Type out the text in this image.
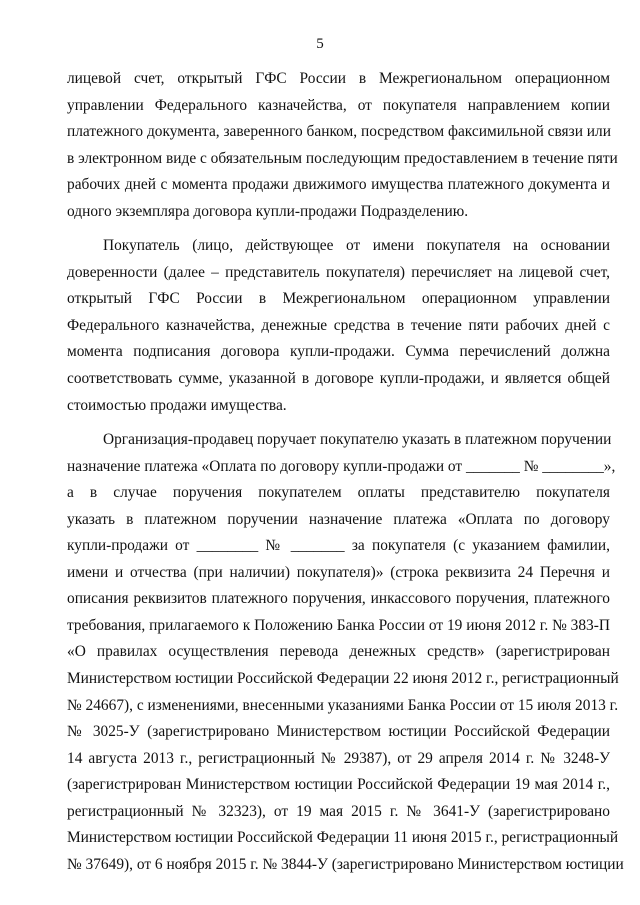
5
лицевой счет, открытый ГФС России в Межрегиональном операционном
управлении Федерального казначейства, от покупателя направлением копии
платежного документа, заверенного банком, посредством факсимильной связи или
в электронном виде с обязательным последующим предоставлением в течение пяти
рабочих дней с момента продажи движимого имущества платежного документа и
одного экземпляра договора купли-продажи Подразделению.
Покупатель (лицо, действующее от имени покупателя на основании
доверенности (далее – представитель покупателя) перечисляет на лицевой счет,
открытый ГФС России в Межрегиональном операционном управлении
Федерального казначейства, денежные средства в течение пяти рабочих дней с
момента подписания договора купли-продажи. Сумма перечислений должна
соответствовать сумме, указанной в договоре купли-продажи, и является общей
стоимостью продажи имущества.
Организация-продавец поручает покупателю указать в платежном поручении
назначение платежа «Оплата по договору купли-продажи от _______ № ________»,
а в случае поручения покупателем оплаты представителю покупателя
указать в платежном поручении назначение платежа «Оплата по договору
купли-продажи от ________ № _______ за покупателя (с указанием фамилии,
имени и отчества (при наличии) покупателя)» (строка реквизита 24 Перечня и
описания реквизитов платежного поручения, инкассового поручения, платежного
требования, прилагаемого к Положению Банка России от 19 июня 2012 г. № 383-П
«О правилах осуществления перевода денежных средств» (зарегистрирован
Министерством юстиции Российской Федерации 22 июня 2012 г., регистрационный
№ 24667), с изменениями, внесенными указаниями Банка России от 15 июля 2013 г.
№ 3025-У (зарегистрировано Министерством юстиции Российской Федерации
14 августа 2013 г., регистрационный № 29387), от 29 апреля 2014 г. № 3248-У
(зарегистрирован Министерством юстиции Российской Федерации 19 мая 2014 г.,
регистрационный № 32323), от 19 мая 2015 г. № 3641-У (зарегистрировано
Министерством юстиции Российской Федерации 11 июня 2015 г., регистрационный
№ 37649), от 6 ноября 2015 г. № 3844-У (зарегистрировано Министерством юстиции
